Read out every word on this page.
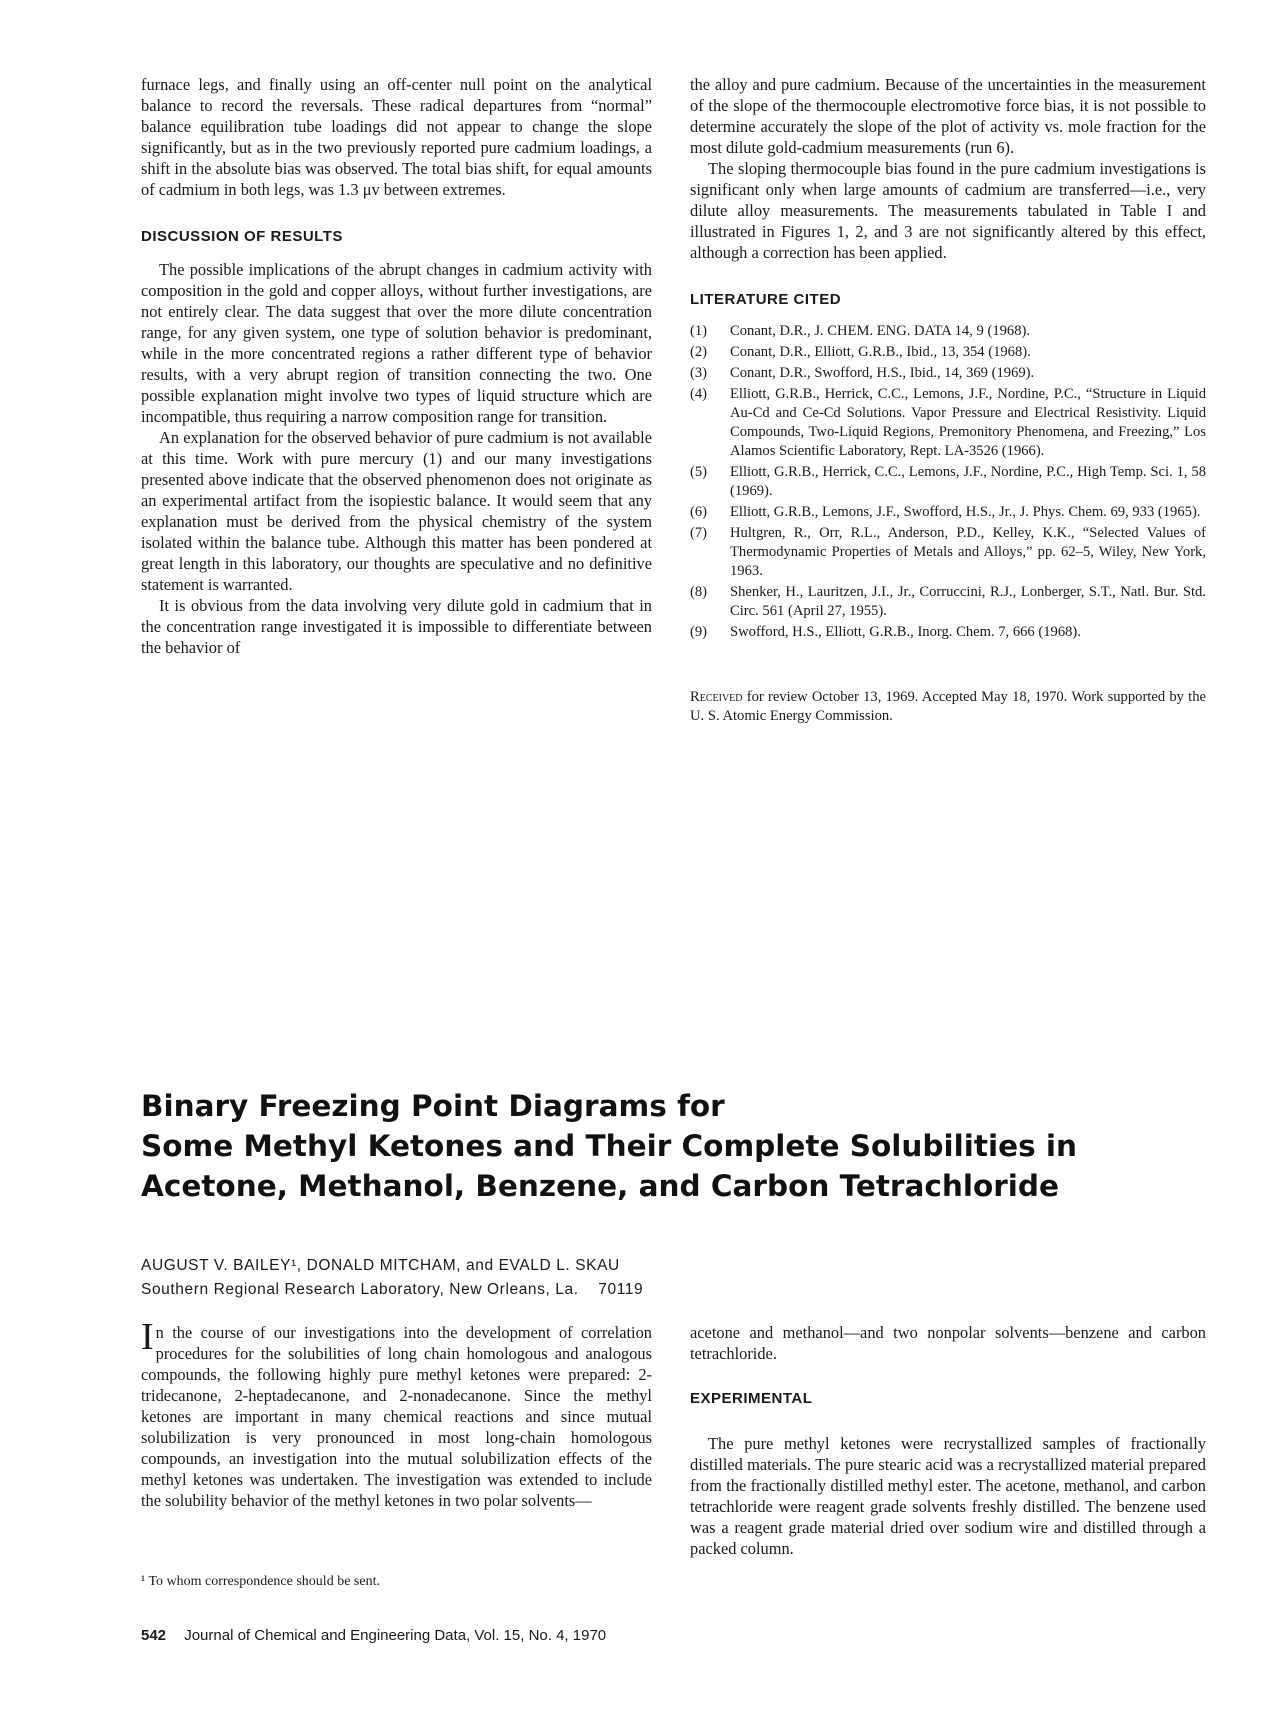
furnace legs, and finally using an off-center null point on the analytical balance to record the reversals. These radical departures from “normal” balance equilibration tube loadings did not appear to change the slope significantly, but as in the two previously reported pure cadmium loadings, a shift in the absolute bias was observed. The total bias shift, for equal amounts of cadmium in both legs, was 1.3 μv between extremes.

DISCUSSION OF RESULTS

The possible implications of the abrupt changes in cadmium activity with composition in the gold and copper alloys, without further investigations, are not entirely clear. The data suggest that over the more dilute concentration range, for any given system, one type of solution behavior is predominant, while in the more concentrated regions a rather different type of behavior results, with a very abrupt region of transition connecting the two. One possible explanation might involve two types of liquid structure which are incompatible, thus requiring a narrow composition range for transition.

An explanation for the observed behavior of pure cadmium is not available at this time. Work with pure mercury (1) and our many investigations presented above indicate that the observed phenomenon does not originate as an experimental artifact from the isopiestic balance. It would seem that any explanation must be derived from the physical chemistry of the system isolated within the balance tube. Although this matter has been pondered at great length in this laboratory, our thoughts are speculative and no definitive statement is warranted.

It is obvious from the data involving very dilute gold in cadmium that in the concentration range investigated it is impossible to differentiate between the behavior of

the alloy and pure cadmium. Because of the uncertainties in the measurement of the slope of the thermocouple electromotive force bias, it is not possible to determine accurately the slope of the plot of activity vs. mole fraction for the most dilute gold-cadmium measurements (run 6).

The sloping thermocouple bias found in the pure cadmium investigations is significant only when large amounts of cadmium are transferred—i.e., very dilute alloy measurements. The measurements tabulated in Table I and illustrated in Figures 1, 2, and 3 are not significantly altered by this effect, although a correction has been applied.

LITERATURE CITED
(1) Conant, D.R., J. CHEM. ENG. DATA 14, 9 (1968).
(2) Conant, D.R., Elliott, G.R.B., Ibid., 13, 354 (1968).
(3) Conant, D.R., Swofford, H.S., Ibid., 14, 369 (1969).
(4) Elliott, G.R.B., Herrick, C.C., Lemons, J.F., Nordine, P.C., “Structure in Liquid Au-Cd and Ce-Cd Solutions. Vapor Pressure and Electrical Resistivity. Liquid Compounds, Two-Liquid Regions, Premonitory Phenomena, and Freezing,” Los Alamos Scientific Laboratory, Rept. LA-3526 (1966).
(5) Elliott, G.R.B., Herrick, C.C., Lemons, J.F., Nordine, P.C., High Temp. Sci. 1, 58 (1969).
(6) Elliott, G.R.B., Lemons, J.F., Swofford, H.S., Jr., J. Phys. Chem. 69, 933 (1965).
(7) Hultgren, R., Orr, R.L., Anderson, P.D., Kelley, K.K., “Selected Values of Thermodynamic Properties of Metals and Alloys,” pp. 62–5, Wiley, New York, 1963.
(8) Shenker, H., Lauritzen, J.I., Jr., Corruccini, R.J., Lonberger, S.T., Natl. Bur. Std. Circ. 561 (April 27, 1955).
(9) Swofford, H.S., Elliott, G.R.B., Inorg. Chem. 7, 666 (1968).
Received for review October 13, 1969. Accepted May 18, 1970. Work supported by the U. S. Atomic Energy Commission.
Binary Freezing Point Diagrams for
Some Methyl Ketones and Their Complete Solubilities in
Acetone, Methanol, Benzene, and Carbon Tetrachloride
AUGUST V. BAILEY¹, DONALD MITCHAM, and EVALD L. SKAU
Southern Regional Research Laboratory, New Orleans, La.    70119

In the course of our investigations into the development of correlation procedures for the solubilities of long chain homologous and analogous compounds, the following highly pure methyl ketones were prepared: 2-tridecanone, 2-heptadecanone, and 2-nonadecanone. Since the methyl ketones are important in many chemical reactions and since mutual solubilization is very pronounced in most long-chain homologous compounds, an investigation into the mutual solubilization effects of the methyl ketones was undertaken. The investigation was extended to include the solubility behavior of the methyl ketones in two polar solvents—

¹ To whom correspondence should be sent.

acetone and methanol—and two nonpolar solvents—benzene and carbon tetrachloride.

EXPERIMENTAL

The pure methyl ketones were recrystallized samples of fractionally distilled materials. The pure stearic acid was a recrystallized material prepared from the fractionally distilled methyl ester. The acetone, methanol, and carbon tetrachloride were reagent grade solvents freshly distilled. The benzene used was a reagent grade material dried over sodium wire and distilled through a packed column.

542 Journal of Chemical and Engineering Data, Vol. 15, No. 4, 1970
